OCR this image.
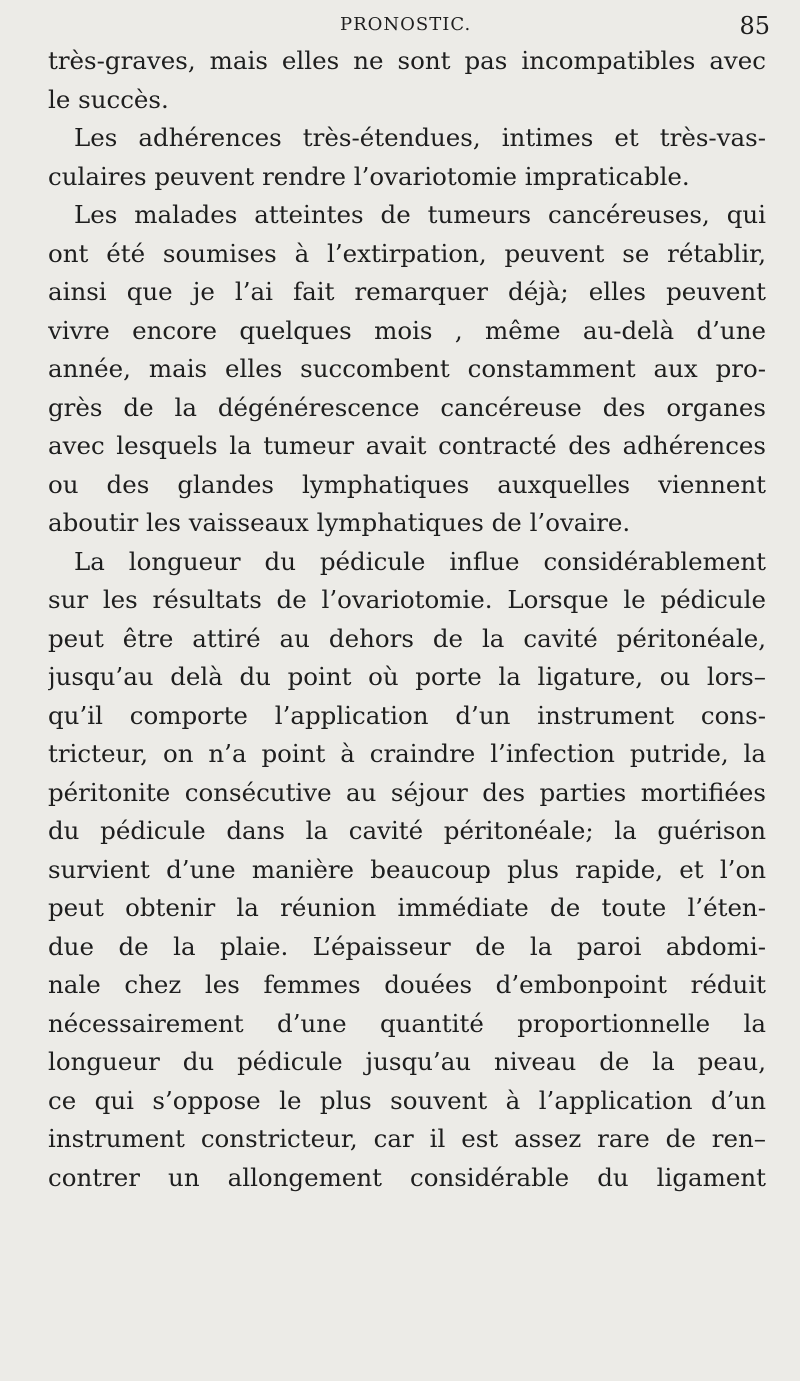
PRONOSTIC.	85
très-graves, mais elles ne sont pas incompatibles avec
le succès.
Les adhérences très-étendues, intimes et très-vas-
culaires peuvent rendre l’ovariotomie impraticable.
Les malades atteintes de tumeurs cancéreuses, qui
ont été soumises à l’extirpation, peuvent se rétablir,
ainsi que je l’ai fait remarquer déjà; elles peuvent
vivre encore quelques mois , même au-delà d’une
année, mais elles succombent constamment aux pro-
grès de la dégénérescence cancéreuse des organes
avec lesquels la tumeur avait contracté des adhérences
ou des glandes lymphatiques auxquelles viennent
aboutir les vaisseaux lymphatiques de l’ovaire.
La longueur du pédicule influe considérablement
sur les résultats de l’ovariotomie. Lorsque le pédicule
peut être attiré au dehors de la cavité péritonéale,
jusqu’au delà du point où porte la ligature, ou lors–
qu’il comporte l’application d’un instrument cons-
tricteur, on n’a point à craindre l’infection putride, la
péritonite consécutive au séjour des parties mortifiées
du pédicule dans la cavité péritonéale; la guérison
survient d’une manière beaucoup plus rapide, et l’on
peut obtenir la réunion immédiate de toute l’éten-
due de la plaie. L’épaisseur de la paroi abdomi-
nale chez les femmes douées d’embonpoint réduit
nécessairement d’une quantité proportionnelle la
longueur du pédicule jusqu’au niveau de la peau,
ce qui s’oppose le plus souvent à l’application d’un
instrument constricteur, car il est assez rare de ren–
contrer un allongement considérable du ligament
